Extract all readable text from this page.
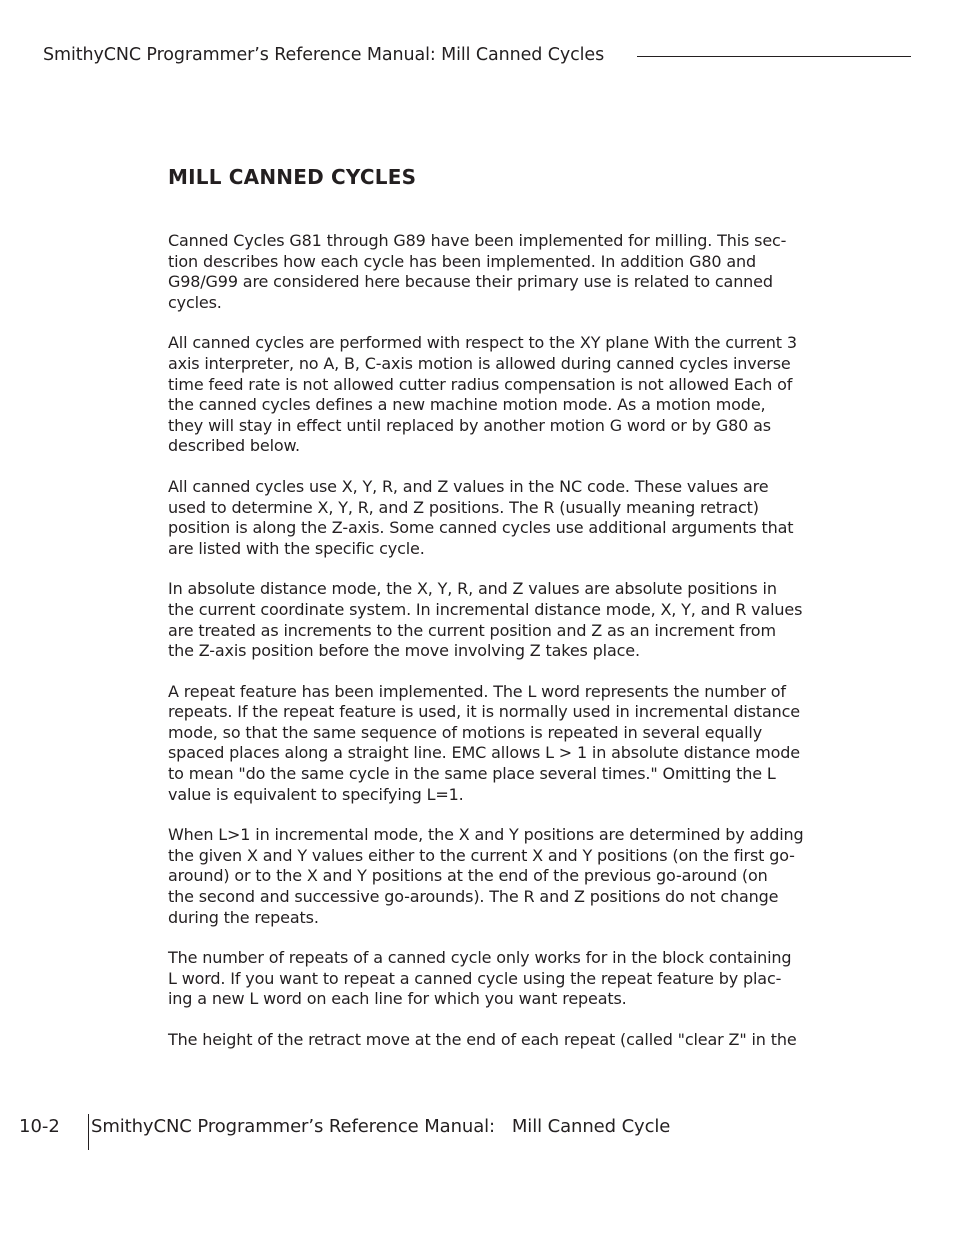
SmithyCNC Programmer’s Reference Manual: Mill Canned Cycles
MILL CANNED CYCLES

Canned Cycles G81 through G89 have been implemented for milling. This sec-
tion describes how each cycle has been implemented. In addition G80 and
G98/G99 are considered here because their primary use is related to canned
cycles.

All canned cycles are performed with respect to the XY plane With the current 3
axis interpreter, no A, B, C-axis motion is allowed during canned cycles inverse
time feed rate is not allowed cutter radius compensation is not allowed Each of
the canned cycles defines a new machine motion mode. As a motion mode,
they will stay in effect until replaced by another motion G word or by G80 as
described below.

All canned cycles use X, Y, R, and Z values in the NC code. These values are
used to determine X, Y, R, and Z positions. The R (usually meaning retract)
position is along the Z-axis. Some canned cycles use additional arguments that
are listed with the specific cycle.

In absolute distance mode, the X, Y, R, and Z values are absolute positions in
the current coordinate system. In incremental distance mode, X, Y, and R values
are treated as increments to the current position and Z as an increment from
the Z-axis position before the move involving Z takes place.

A repeat feature has been implemented. The L word represents the number of
repeats. If the repeat feature is used, it is normally used in incremental distance
mode, so that the same sequence of motions is repeated in several equally
spaced places along a straight line. EMC allows L > 1 in absolute distance mode
to mean "do the same cycle in the same place several times." Omitting the L
value is equivalent to specifying L=1.

When L>1 in incremental mode, the X and Y positions are determined by adding
the given X and Y values either to the current X and Y positions (on the first go-
around) or to the X and Y positions at the end of the previous go-around (on
the second and successive go-arounds). The R and Z positions do not change
during the repeats.

The number of repeats of a canned cycle only works for in the block containing
L word. If you want to repeat a canned cycle using the repeat feature by plac-
ing a new L word on each line for which you want repeats.

The height of the retract move at the end of each repeat (called "clear Z" in the

10-2 SmithyCNC Programmer’s Reference Manual:   Mill Canned Cycle
